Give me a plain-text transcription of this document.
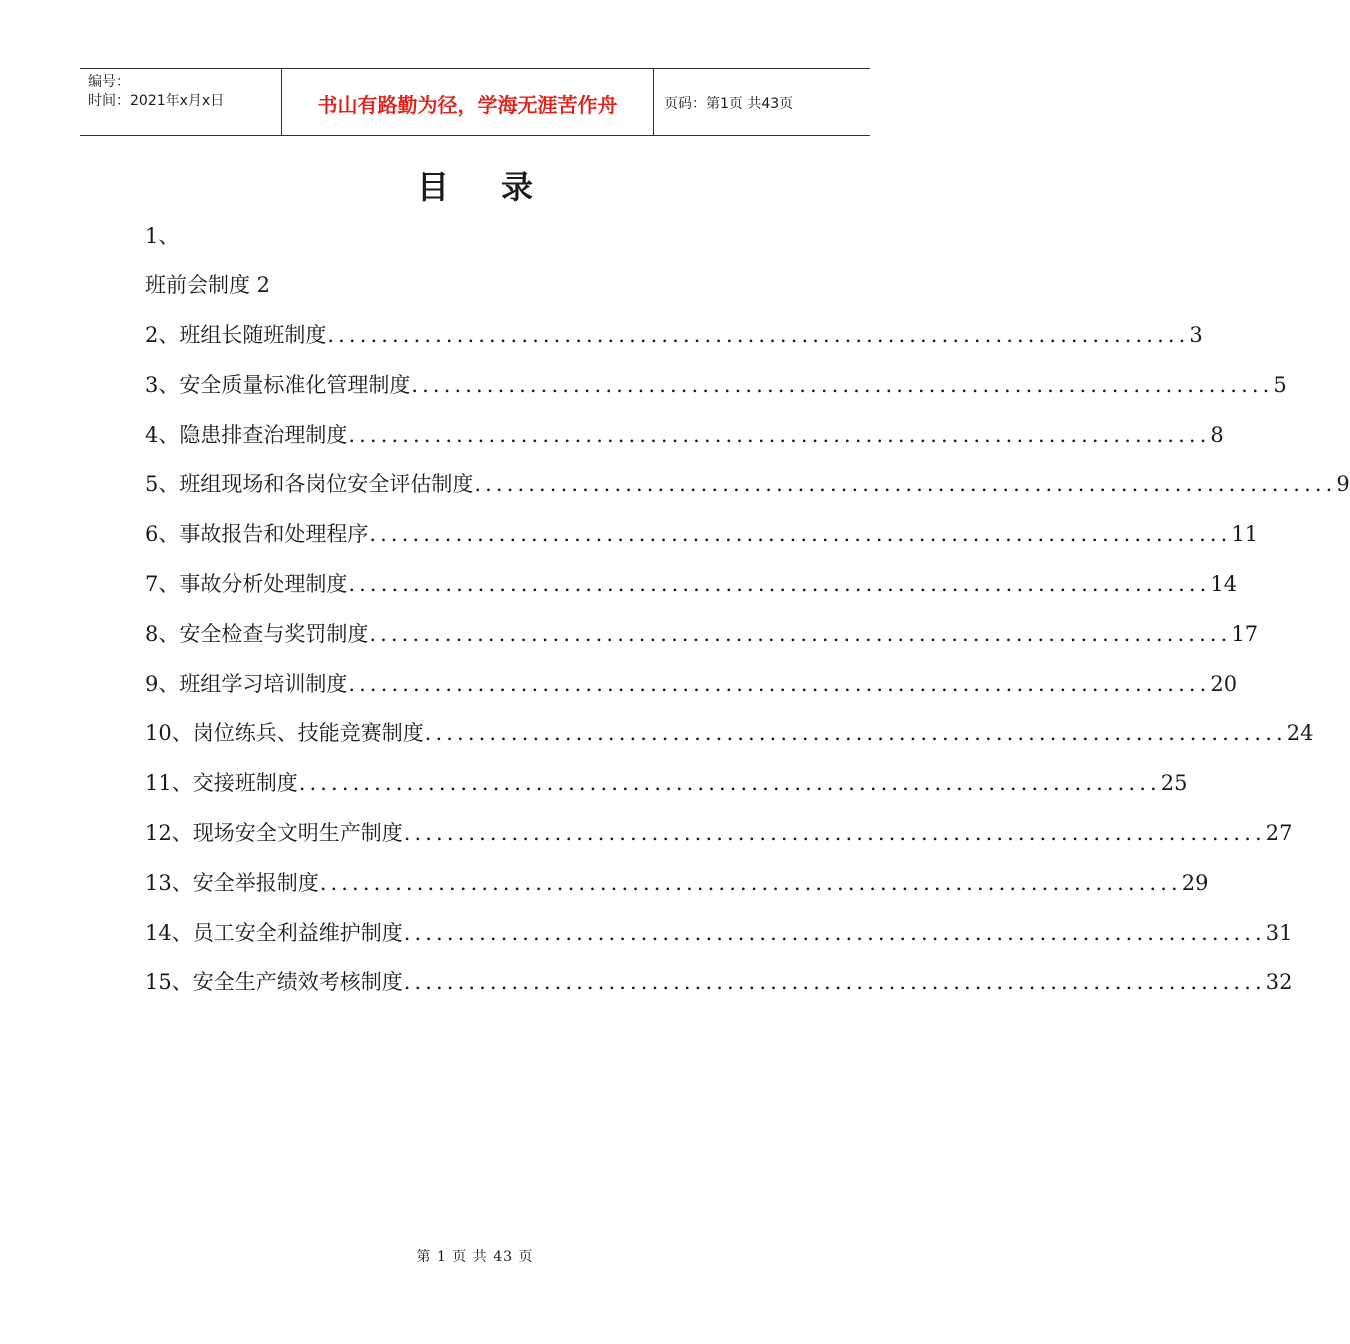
编号：
时间：2021年x月x日	书山有路勤为径，学海无涯苦作舟	页码：第1页 共43页
目 录
1、
班前会制度 2
2、班组长随班制度 ................................................................................ 3
3、安全质量标准化管理制度 ................................................................................ 5
4、隐患排查治理制度 ................................................................................ 8
5、班组现场和各岗位安全评估制度 ................................................................................ 9
6、事故报告和处理程序 ................................................................................ 11
7、事故分析处理制度 ................................................................................ 14
8、安全检查与奖罚制度 ................................................................................ 17
9、班组学习培训制度 ................................................................................ 20
10、岗位练兵、技能竞赛制度 ................................................................................ 24
11、交接班制度 ................................................................................ 25
12、现场安全文明生产制度 ................................................................................ 27
13、安全举报制度 ................................................................................ 29
14、员工安全利益维护制度 ................................................................................ 31
15、安全生产绩效考核制度 ................................................................................ 32
第 1 页 共 43 页
